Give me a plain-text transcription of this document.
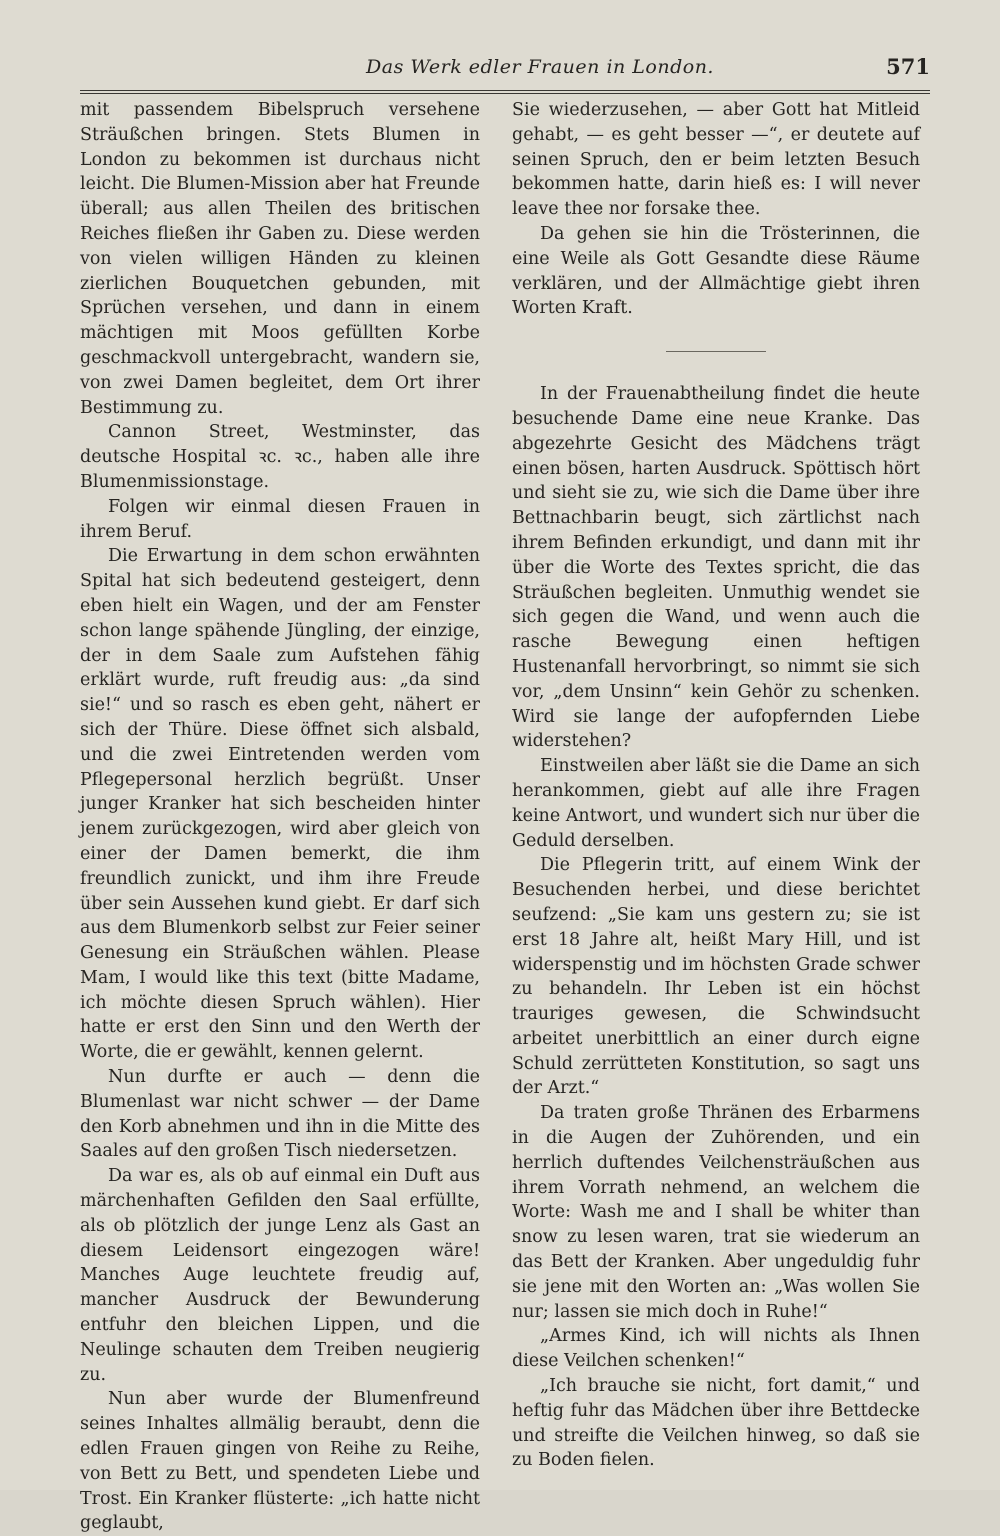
Das Werk edler Frauen in London.	571

mit passendem Bibelspruch versehene Sträußchen bringen. Stets Blumen in London zu bekommen ist durchaus nicht leicht. Die Blumen-Mission aber hat Freunde überall; aus allen Theilen des britischen Reiches fließen ihr Gaben zu. Diese werden von vielen willigen Händen zu kleinen zierlichen Bouquetchen gebunden, mit Sprüchen versehen, und dann in einem mächtigen mit Moos gefüllten Korbe geschmackvoll untergebracht, wandern sie, von zwei Damen begleitet, dem Ort ihrer Bestimmung zu.

Cannon Street, Westminster, das deutsche Hospital ꝛc. ꝛc., haben alle ihre Blumenmissionstage.

Folgen wir einmal diesen Frauen in ihrem Beruf.

Die Erwartung in dem schon erwähnten Spital hat sich bedeutend gesteigert, denn eben hielt ein Wagen, und der am Fenster schon lange spähende Jüngling, der einzige, der in dem Saale zum Aufstehen fähig erklärt wurde, ruft freudig aus: „da sind sie!“ und so rasch es eben geht, nähert er sich der Thüre. Diese öffnet sich alsbald, und die zwei Eintretenden werden vom Pflegepersonal herzlich begrüßt. Unser junger Kranker hat sich bescheiden hinter jenem zurückgezogen, wird aber gleich von einer der Damen bemerkt, die ihm freundlich zunickt, und ihm ihre Freude über sein Aussehen kund giebt. Er darf sich aus dem Blumenkorb selbst zur Feier seiner Genesung ein Sträußchen wählen. Please Mam, I would like this text (bitte Madame, ich möchte diesen Spruch wählen). Hier hatte er erst den Sinn und den Werth der Worte, die er gewählt, kennen gelernt.

Nun durfte er auch — denn die Blumenlast war nicht schwer — der Dame den Korb abnehmen und ihn in die Mitte des Saales auf den großen Tisch niedersetzen.

Da war es, als ob auf einmal ein Duft aus märchenhaften Gefilden den Saal erfüllte, als ob plötzlich der junge Lenz als Gast an diesem Leidensort eingezogen wäre! Manches Auge leuchtete freudig auf, mancher Ausdruck der Bewunderung entfuhr den bleichen Lippen, und die Neulinge schauten dem Treiben neugierig zu.

Nun aber wurde der Blumenfreund seines Inhaltes allmälig beraubt, denn die edlen Frauen gingen von Reihe zu Reihe, von Bett zu Bett, und spendeten Liebe und Trost. Ein Kranker flüsterte: „ich hatte nicht geglaubt,

Sie wiederzusehen, — aber Gott hat Mitleid gehabt, — es geht besser —“, er deutete auf seinen Spruch, den er beim letzten Besuch bekommen hatte, darin hieß es: I will never leave thee nor forsake thee.

Da gehen sie hin die Trösterinnen, die eine Weile als Gott Gesandte diese Räume verklären, und der Allmächtige giebt ihren Worten Kraft.

In der Frauenabtheilung findet die heute besuchende Dame eine neue Kranke. Das abgezehrte Gesicht des Mädchens trägt einen bösen, harten Ausdruck. Spöttisch hört und sieht sie zu, wie sich die Dame über ihre Bettnachbarin beugt, sich zärtlichst nach ihrem Befinden erkundigt, und dann mit ihr über die Worte des Textes spricht, die das Sträußchen begleiten. Unmuthig wendet sie sich gegen die Wand, und wenn auch die rasche Bewegung einen heftigen Hustenanfall hervorbringt, so nimmt sie sich vor, „dem Unsinn“ kein Gehör zu schenken. Wird sie lange der aufopfernden Liebe widerstehen?

Einstweilen aber läßt sie die Dame an sich herankommen, giebt auf alle ihre Fragen keine Antwort, und wundert sich nur über die Geduld derselben.

Die Pflegerin tritt, auf einem Wink der Besuchenden herbei, und diese berichtet seufzend: „Sie kam uns gestern zu; sie ist erst 18 Jahre alt, heißt Mary Hill, und ist widerspenstig und im höchsten Grade schwer zu behandeln. Ihr Leben ist ein höchst trauriges gewesen, die Schwindsucht arbeitet unerbittlich an einer durch eigne Schuld zerrütteten Konstitution, so sagt uns der Arzt.“

Da traten große Thränen des Erbarmens in die Augen der Zuhörenden, und ein herrlich duftendes Veilchensträußchen aus ihrem Vorrath nehmend, an welchem die Worte: Wash me and I shall be whiter than snow zu lesen waren, trat sie wiederum an das Bett der Kranken. Aber ungeduldig fuhr sie jene mit den Worten an: „Was wollen Sie nur; lassen sie mich doch in Ruhe!“

„Armes Kind, ich will nichts als Ihnen diese Veilchen schenken!“

„Ich brauche sie nicht, fort damit,“ und heftig fuhr das Mädchen über ihre Bettdecke und streifte die Veilchen hinweg, so daß sie zu Boden fielen.
